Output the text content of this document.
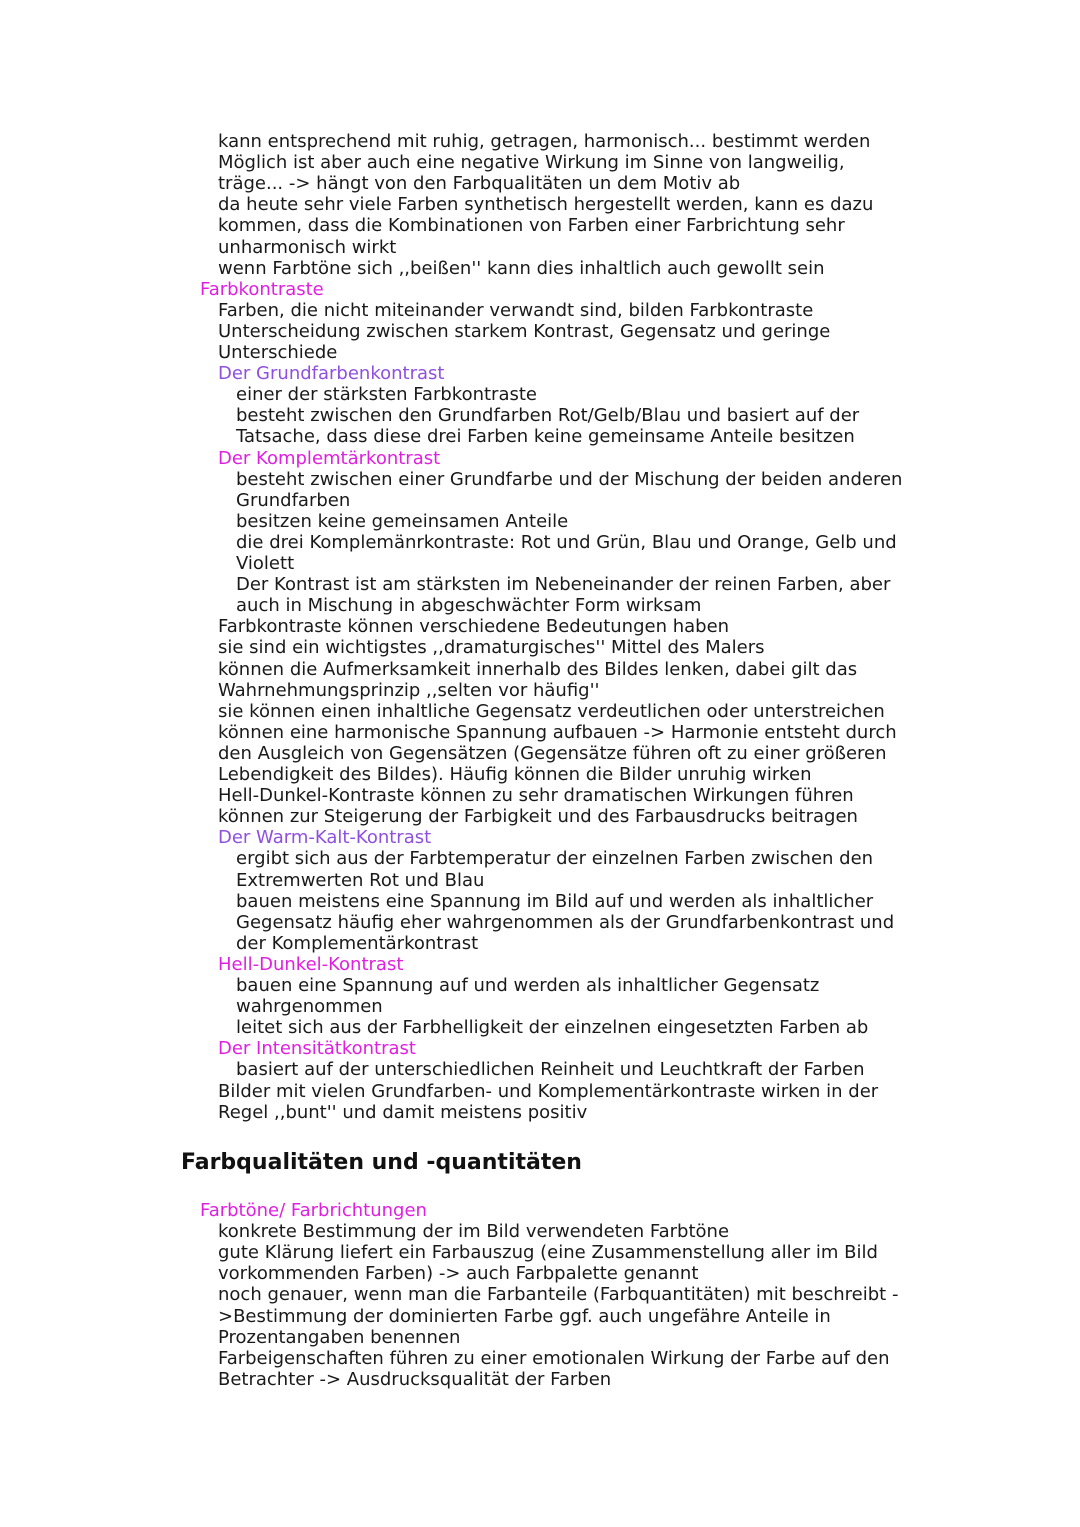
kann entsprechend mit ruhig, getragen, harmonisch... bestimmt werden
Möglich ist aber auch eine negative Wirkung im Sinne von langweilig,
träge... -> hängt von den Farbqualitäten un dem Motiv ab
da heute sehr viele Farben synthetisch hergestellt werden, kann es dazu
kommen, dass die Kombinationen von Farben einer Farbrichtung sehr
unharmonisch wirkt
wenn Farbtöne sich ,,beißen'' kann dies inhaltlich auch gewollt sein
Farbkontraste
Farben, die nicht miteinander verwandt sind, bilden Farbkontraste
Unterscheidung zwischen starkem Kontrast, Gegensatz und geringe
Unterschiede
Der Grundfarbenkontrast
einer der stärksten Farbkontraste
besteht zwischen den Grundfarben Rot/Gelb/Blau und basiert auf der
Tatsache, dass diese drei Farben keine gemeinsame Anteile besitzen
Der Komplemtärkontrast
besteht zwischen einer Grundfarbe und der Mischung der beiden anderen
Grundfarben
besitzen keine gemeinsamen Anteile
die drei Komplemänrkontraste: Rot und Grün, Blau und Orange, Gelb und
Violett
Der Kontrast ist am stärksten im Nebeneinander der reinen Farben, aber
auch in Mischung in abgeschwächter Form wirksam
Farbkontraste können verschiedene Bedeutungen haben
sie sind ein wichtigstes ,,dramaturgisches'' Mittel des Malers
können die Aufmerksamkeit innerhalb des Bildes lenken, dabei gilt das
Wahrnehmungsprinzip ,,selten vor häufig''
sie können einen inhaltliche Gegensatz verdeutlichen oder unterstreichen
können eine harmonische Spannung aufbauen -> Harmonie entsteht durch
den Ausgleich von Gegensätzen (Gegensätze führen oft zu einer größeren
Lebendigkeit des Bildes). Häufig können die Bilder unruhig wirken
Hell-Dunkel-Kontraste können zu sehr dramatischen Wirkungen führen
können zur Steigerung der Farbigkeit und des Farbausdrucks beitragen
Der Warm-Kalt-Kontrast
ergibt sich aus der Farbtemperatur der einzelnen Farben zwischen den
Extremwerten Rot und Blau
bauen meistens eine Spannung im Bild auf und werden als inhaltlicher
Gegensatz häufig eher wahrgenommen als der Grundfarbenkontrast und
der Komplementärkontrast
Hell-Dunkel-Kontrast
bauen eine Spannung auf und werden als inhaltlicher Gegensatz
wahrgenommen
leitet sich aus der Farbhelligkeit der einzelnen eingesetzten Farben ab
Der Intensitätkontrast
basiert auf der unterschiedlichen Reinheit und Leuchtkraft der Farben
Bilder mit vielen Grundfarben- und Komplementärkontraste wirken in der
Regel ,,bunt'' und damit meistens positiv
Farbqualitäten und -quantitäten
Farbtöne/ Farbrichtungen
konkrete Bestimmung der im Bild verwendeten Farbtöne
gute Klärung liefert ein Farbauszug (eine Zusammenstellung aller im Bild
vorkommenden Farben) -> auch Farbpalette genannt
noch genauer, wenn man die Farbanteile (Farbquantitäten) mit beschreibt -
>Bestimmung der dominierten Farbe ggf. auch ungefähre Anteile in
Prozentangaben benennen
Farbeigenschaften führen zu einer emotionalen Wirkung der Farbe auf den
Betrachter -> Ausdrucksqualität der Farben
